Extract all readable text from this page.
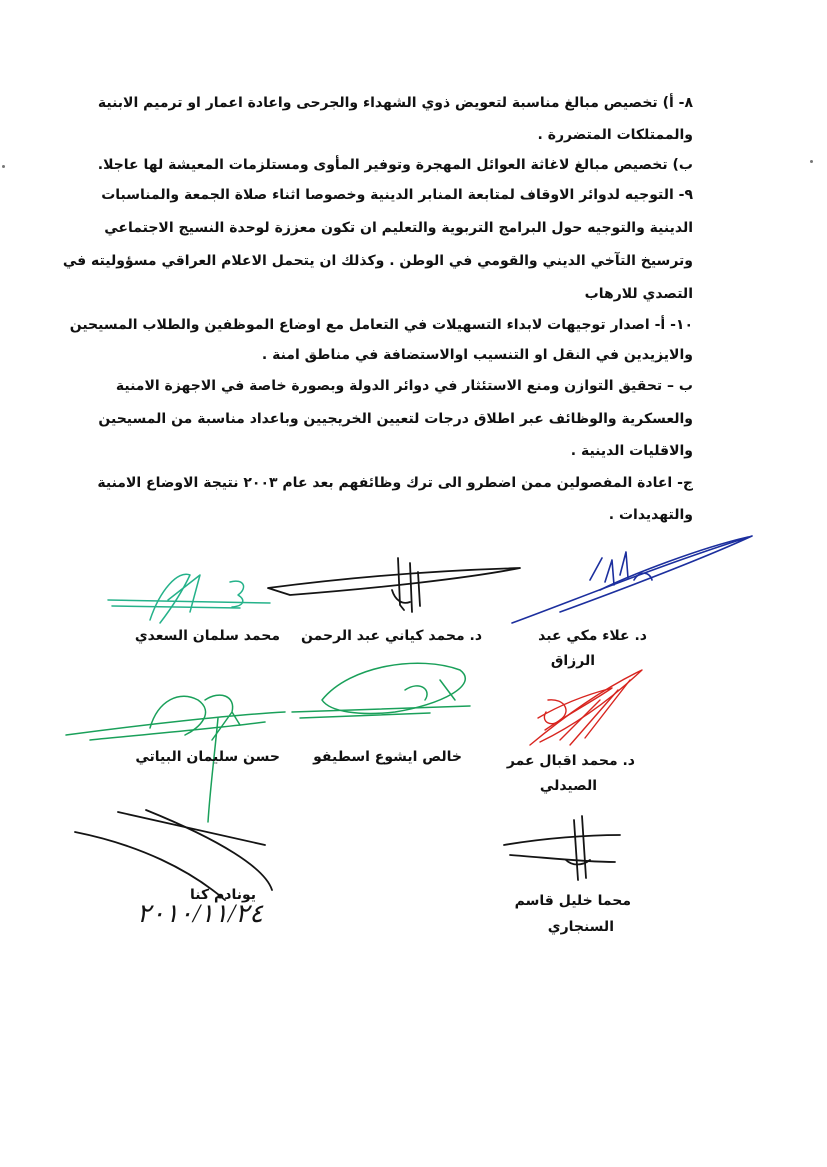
٨- أ) تخصيص مبالغ مناسبة لتعويض ذوي الشهداء والجرحى واعادة اعمار او ترميم الابنية
والممتلكات المتضررة .
ب) تخصيص مبالغ لاغاثة العوائل المهجرة وتوفير المأوى ومستلزمات المعيشة لها عاجلا.
٩- التوجيه لدوائر الاوقاف لمتابعة المنابر الدينية وخصوصا اثناء صلاة الجمعة والمناسبات
الدينية والتوجيه حول البرامج التربوية والتعليم ان تكون معززة لوحدة النسيج الاجتماعي
وترسيخ التآخي الديني والقومي في الوطن . وكذلك ان يتحمل الاعلام العراقي مسؤوليته في
التصدي للارهاب
١٠- أ- اصدار توجيهات لابداء التسهيلات في التعامل مع اوضاع الموظفين والطلاب المسيحين
والايزيدين في النقل او التنسيب اوالاستضافة في مناطق امنة .
ب – تحقيق التوازن ومنع الاستئثار في دوائر الدولة وبصورة خاصة في الاجهزة الامنية
والعسكرية والوظائف عبر اطلاق درجات لتعيين الخريجيين وباعداد مناسبة من المسيحين
والاقليات الدينية .
ج- اعادة المفصولين ممن اضطرو الى ترك وظائفهم بعد عام ٢٠٠٣ نتيجة الاوضاع الامنية
والتهديدات .
٢٠١٠/١١/٢٤
د. علاء مكي عبد
الرزاق
د. محمد كياني عبد الرحمن
محمد سلمان السعدي
د. محمد اقبال عمر
الصيدلي
خالص ايشوع اسطيفو
حسن سليمان البياتي
محما خليل قاسم
السنجاري
يونادم كنا
